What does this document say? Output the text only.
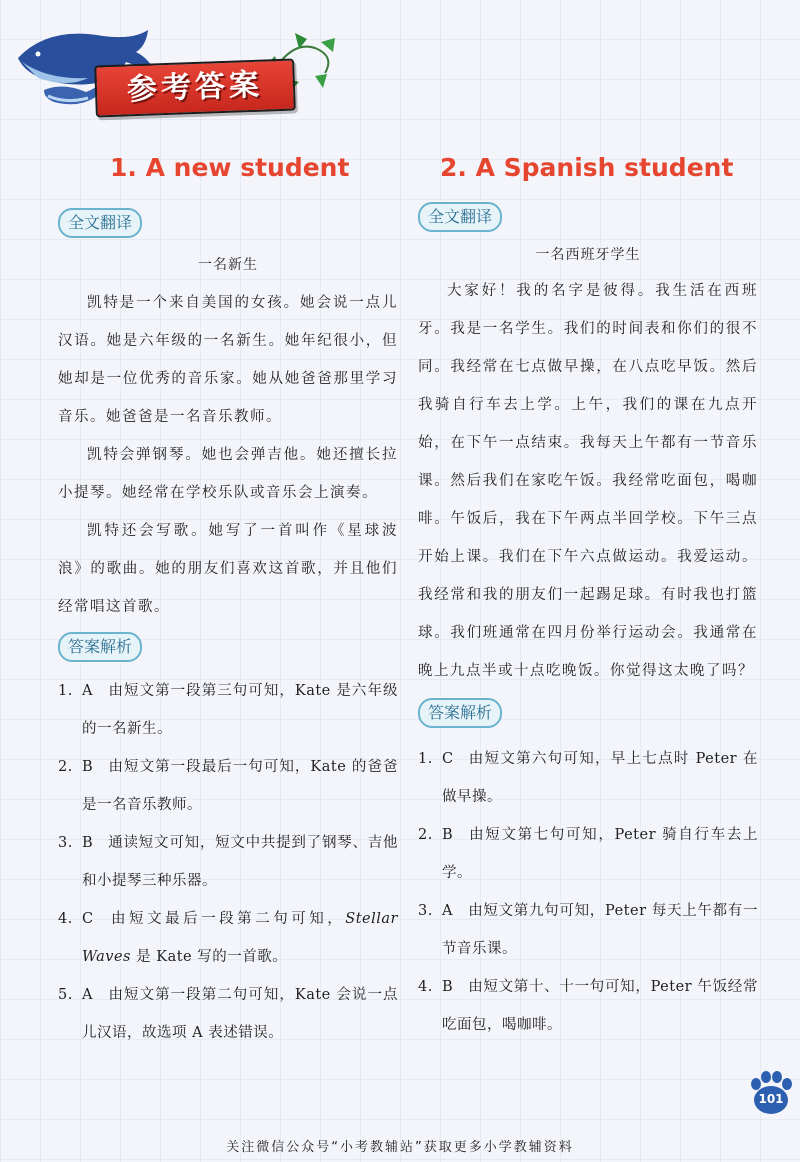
参考答案
1. A new student
全文翻译
一名新生

凯特是一个来自美国的女孩。她会说一点儿汉语。她是六年级的一名新生。她年纪很小，但她却是一位优秀的音乐家。她从她爸爸那里学习音乐。她爸爸是一名音乐教师。

凯特会弹钢琴。她也会弹吉他。她还擅长拉小提琴。她经常在学校乐队或音乐会上演奏。

凯特还会写歌。她写了一首叫作《星球波浪》的歌曲。她的朋友们喜欢这首歌，并且他们经常唱这首歌。

答案解析
1. A 由短文第一段第三句可知，Kate 是六年级的一名新生。
2. B 由短文第一段最后一句可知，Kate 的爸爸是一名音乐教师。
3. B 通读短文可知，短文中共提到了钢琴、吉他和小提琴三种乐器。
4. C 由短文最后一段第二句可知，Stellar Waves 是 Kate 写的一首歌。
5. A 由短文第一段第二句可知，Kate 会说一点儿汉语，故选项 A 表述错误。
2. A Spanish student
全文翻译
一名西班牙学生

大家好！我的名字是彼得。我生活在西班牙。我是一名学生。我们的时间表和你们的很不同。我经常在七点做早操，在八点吃早饭。然后我骑自行车去上学。上午，我们的课在九点开始，在下午一点结束。我每天上午都有一节音乐课。然后我们在家吃午饭。我经常吃面包，喝咖啡。午饭后，我在下午两点半回学校。下午三点开始上课。我们在下午六点做运动。我爱运动。我经常和我的朋友们一起踢足球。有时我也打篮球。我们班通常在四月份举行运动会。我通常在晚上九点半或十点吃晚饭。你觉得这太晚了吗？

答案解析
1. C 由短文第六句可知，早上七点时 Peter 在做早操。
2. B 由短文第七句可知，Peter 骑自行车去上学。
3. A 由短文第九句可知，Peter 每天上午都有一节音乐课。
4. B 由短文第十、十一句可知，Peter 午饭经常吃面包，喝咖啡。
101
关注微信公众号“小考教辅站”获取更多小学教辅资料
